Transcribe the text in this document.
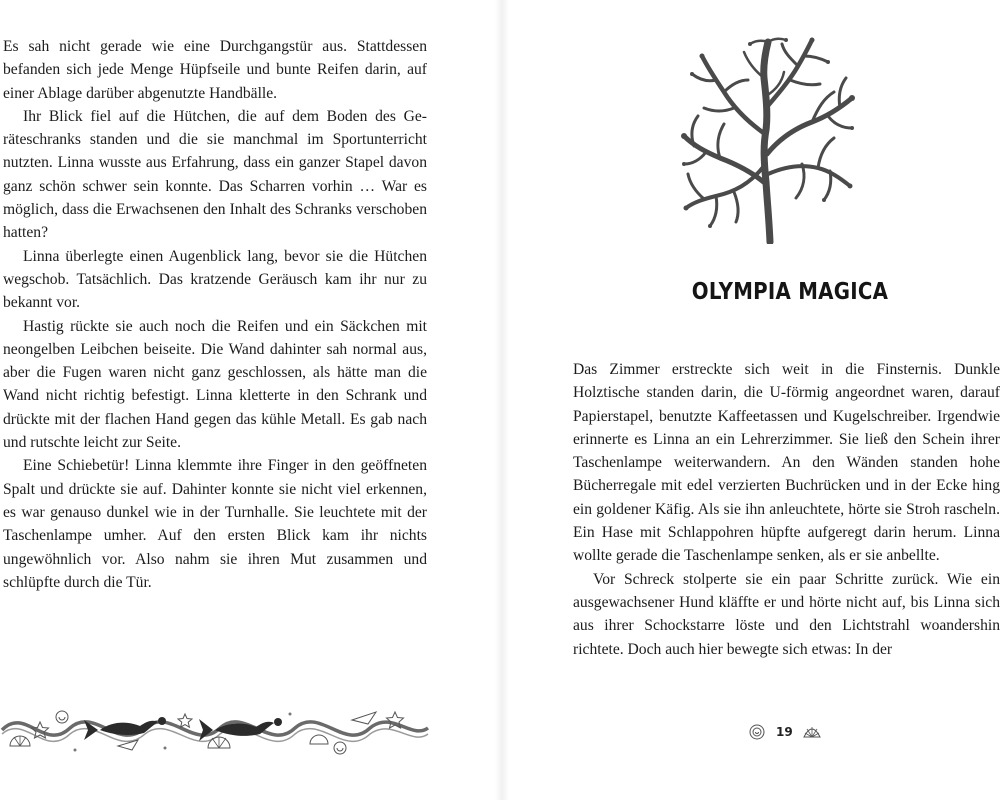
Es sah nicht gerade wie eine Durchgangstür aus. Stattdessen befanden sich jede Menge Hüpfseile und bunte Reifen darin, auf einer Ablage darüber abgenutzte Handbälle.

Ihr Blick fiel auf die Hütchen, die auf dem Boden des Geräteschranks standen und die sie manchmal im Sportunterricht nutzten. Linna wusste aus Erfahrung, dass ein ganzer Stapel davon ganz schön schwer sein konnte. Das Scharren vorhin … War es möglich, dass die Erwachsenen den Inhalt des Schranks verschoben hatten?

Linna überlegte einen Augenblick lang, bevor sie die Hütchen wegschob. Tatsächlich. Das kratzende Geräusch kam ihr nur zu bekannt vor.

Hastig rückte sie auch noch die Reifen und ein Säckchen mit neongelben Leibchen beiseite. Die Wand dahinter sah normal aus, aber die Fugen waren nicht ganz geschlossen, als hätte man die Wand nicht richtig befestigt. Linna kletterte in den Schrank und drückte mit der flachen Hand gegen das kühle Metall. Es gab nach und rutschte leicht zur Seite.

Eine Schiebetür! Linna klemmte ihre Finger in den geöffneten Spalt und drückte sie auf. Dahinter konnte sie nicht viel erkennen, es war genauso dunkel wie in der Turnhalle. Sie leuchtete mit der Taschenlampe umher. Auf den ersten Blick kam ihr nichts ungewöhnlich vor. Also nahm sie ihren Mut zusammen und schlüpfte durch die Tür.

OLYMPIA MAGICA

Das Zimmer erstreckte sich weit in die Finsternis. Dunkle Holztische standen darin, die U-förmig angeordnet waren, darauf Papierstapel, benutzte Kaffeetassen und Kugelschreiber. Irgendwie erinnerte es Linna an ein Lehrerzimmer. Sie ließ den Schein ihrer Taschenlampe weiterwandern. An den Wänden standen hohe Bücherregale mit edel verzierten Buchrücken und in der Ecke hing ein goldener Käfig. Als sie ihn anleuchtete, hörte sie Stroh rascheln. Ein Hase mit Schlappohren hüpfte aufgeregt darin herum. Linna wollte gerade die Taschenlampe senken, als er sie anbellte.

Vor Schreck stolperte sie ein paar Schritte zurück. Wie ein ausgewachsener Hund kläffte er und hörte nicht auf, bis Linna sich aus ihrer Schockstarre löste und den Lichtstrahl woandershin richtete. Doch auch hier bewegte sich etwas: In der

19
